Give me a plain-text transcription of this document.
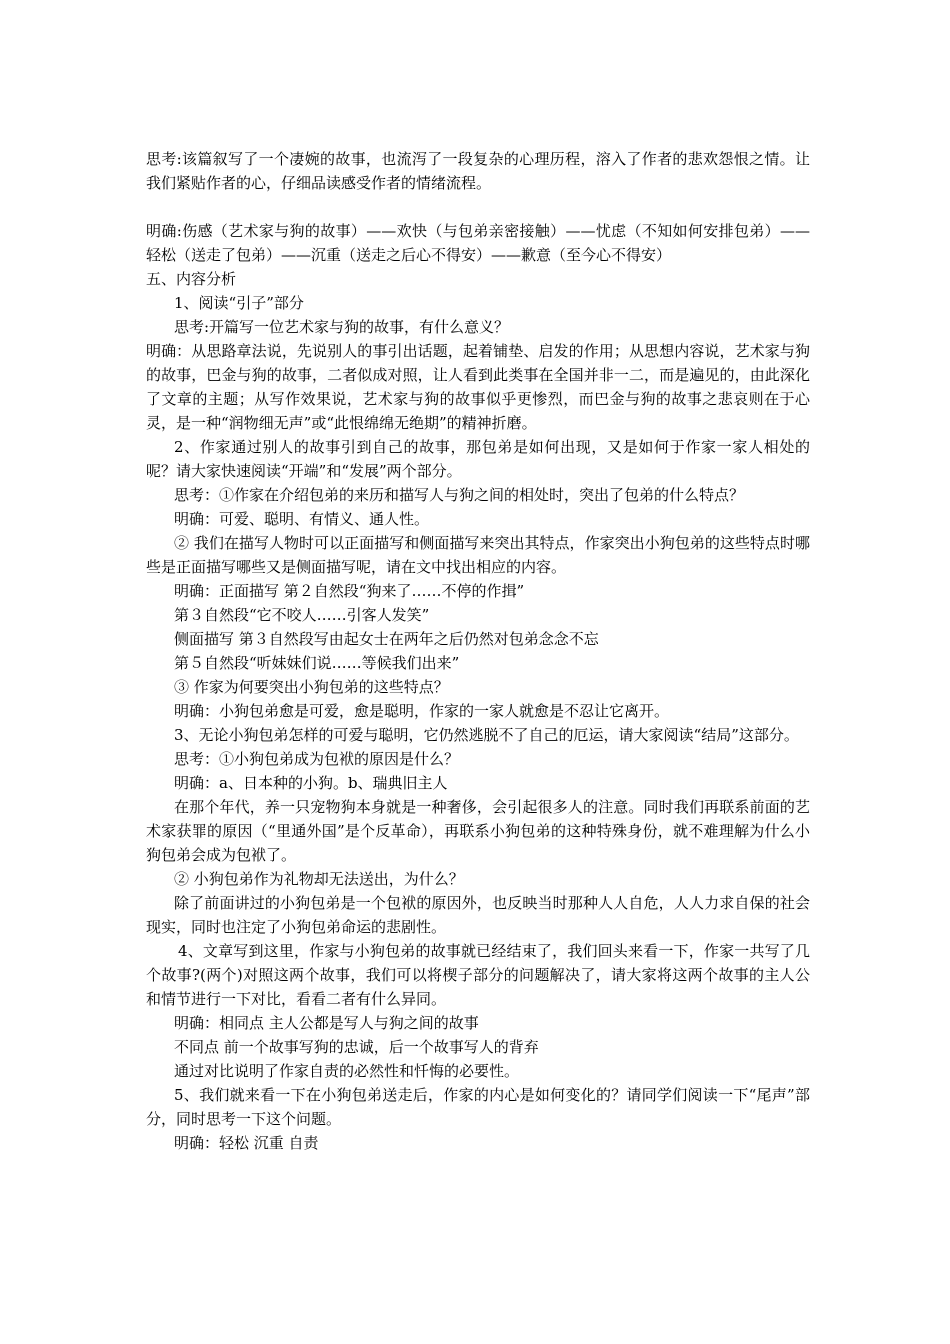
思考:该篇叙写了一个凄婉的故事，也流泻了一段复杂的心理历程，溶入了作者的悲欢怨恨之情。让我们紧贴作者的心，仔细品读感受作者的情绪流程。

明确:伤感（艺术家与狗的故事）——欢快（与包弟亲密接触）——忧虑（不知如何安排包弟）——轻松（送走了包弟）——沉重（送走之后心不得安）——歉意（至今心不得安）

五、内容分析

1、阅读“引子”部分

思考:开篇写一位艺术家与狗的故事，有什么意义？

明确：从思路章法说，先说别人的事引出话题，起着铺垫、启发的作用；从思想内容说，艺术家与狗的故事，巴金与狗的故事，二者似成对照，让人看到此类事在全国并非一二，而是遍见的，由此深化了文章的主题；从写作效果说，艺术家与狗的故事似乎更惨烈，而巴金与狗的故事之悲哀则在于心灵，是一种“润物细无声”或“此恨绵绵无绝期”的精神折磨。

2、作家通过别人的故事引到自己的故事，那包弟是如何出现，又是如何于作家一家人相处的呢？请大家快速阅读“开端”和“发展”两个部分。

思考：①作家在介绍包弟的来历和描写人与狗之间的相处时，突出了包弟的什么特点？

明确：可爱、聪明、有情义、通人性。

② 我们在描写人物时可以正面描写和侧面描写来突出其特点，作家突出小狗包弟的这些特点时哪些是正面描写哪些又是侧面描写呢，请在文中找出相应的内容。

明确：正面描写 第２自然段“狗来了……不停的作揖”

第３自然段“它不咬人……引客人发笑”

侧面描写 第３自然段写由起女士在两年之后仍然对包弟念念不忘

第５自然段“听妹妹们说……等候我们出来”

③ 作家为何要突出小狗包弟的这些特点？

明确：小狗包弟愈是可爱，愈是聪明，作家的一家人就愈是不忍让它离开。

3、无论小狗包弟怎样的可爱与聪明，它仍然逃脱不了自己的厄运，请大家阅读“结局”这部分。

思考：①小狗包弟成为包袱的原因是什么？

明确：a、日本种的小狗。b、瑞典旧主人

在那个年代，养一只宠物狗本身就是一种奢侈，会引起很多人的注意。同时我们再联系前面的艺术家获罪的原因（“里通外国”是个反革命），再联系小狗包弟的这种特殊身份，就不难理解为什么小狗包弟会成为包袱了。

② 小狗包弟作为礼物却无法送出，为什么？

除了前面讲过的小狗包弟是一个包袱的原因外，也反映当时那种人人自危，人人力求自保的社会现实，同时也注定了小狗包弟命运的悲剧性。

4、文章写到这里，作家与小狗包弟的故事就已经结束了，我们回头来看一下，作家一共写了几个故事?(两个)对照这两个故事，我们可以将楔子部分的问题解决了，请大家将这两个故事的主人公和情节进行一下对比，看看二者有什么异同。

明确：相同点 主人公都是写人与狗之间的故事

不同点 前一个故事写狗的忠诚，后一个故事写人的背弃

通过对比说明了作家自责的必然性和忏悔的必要性。

5、我们就来看一下在小狗包弟送走后，作家的内心是如何变化的？请同学们阅读一下“尾声”部分，同时思考一下这个问题。

明确：轻松 沉重 自责
